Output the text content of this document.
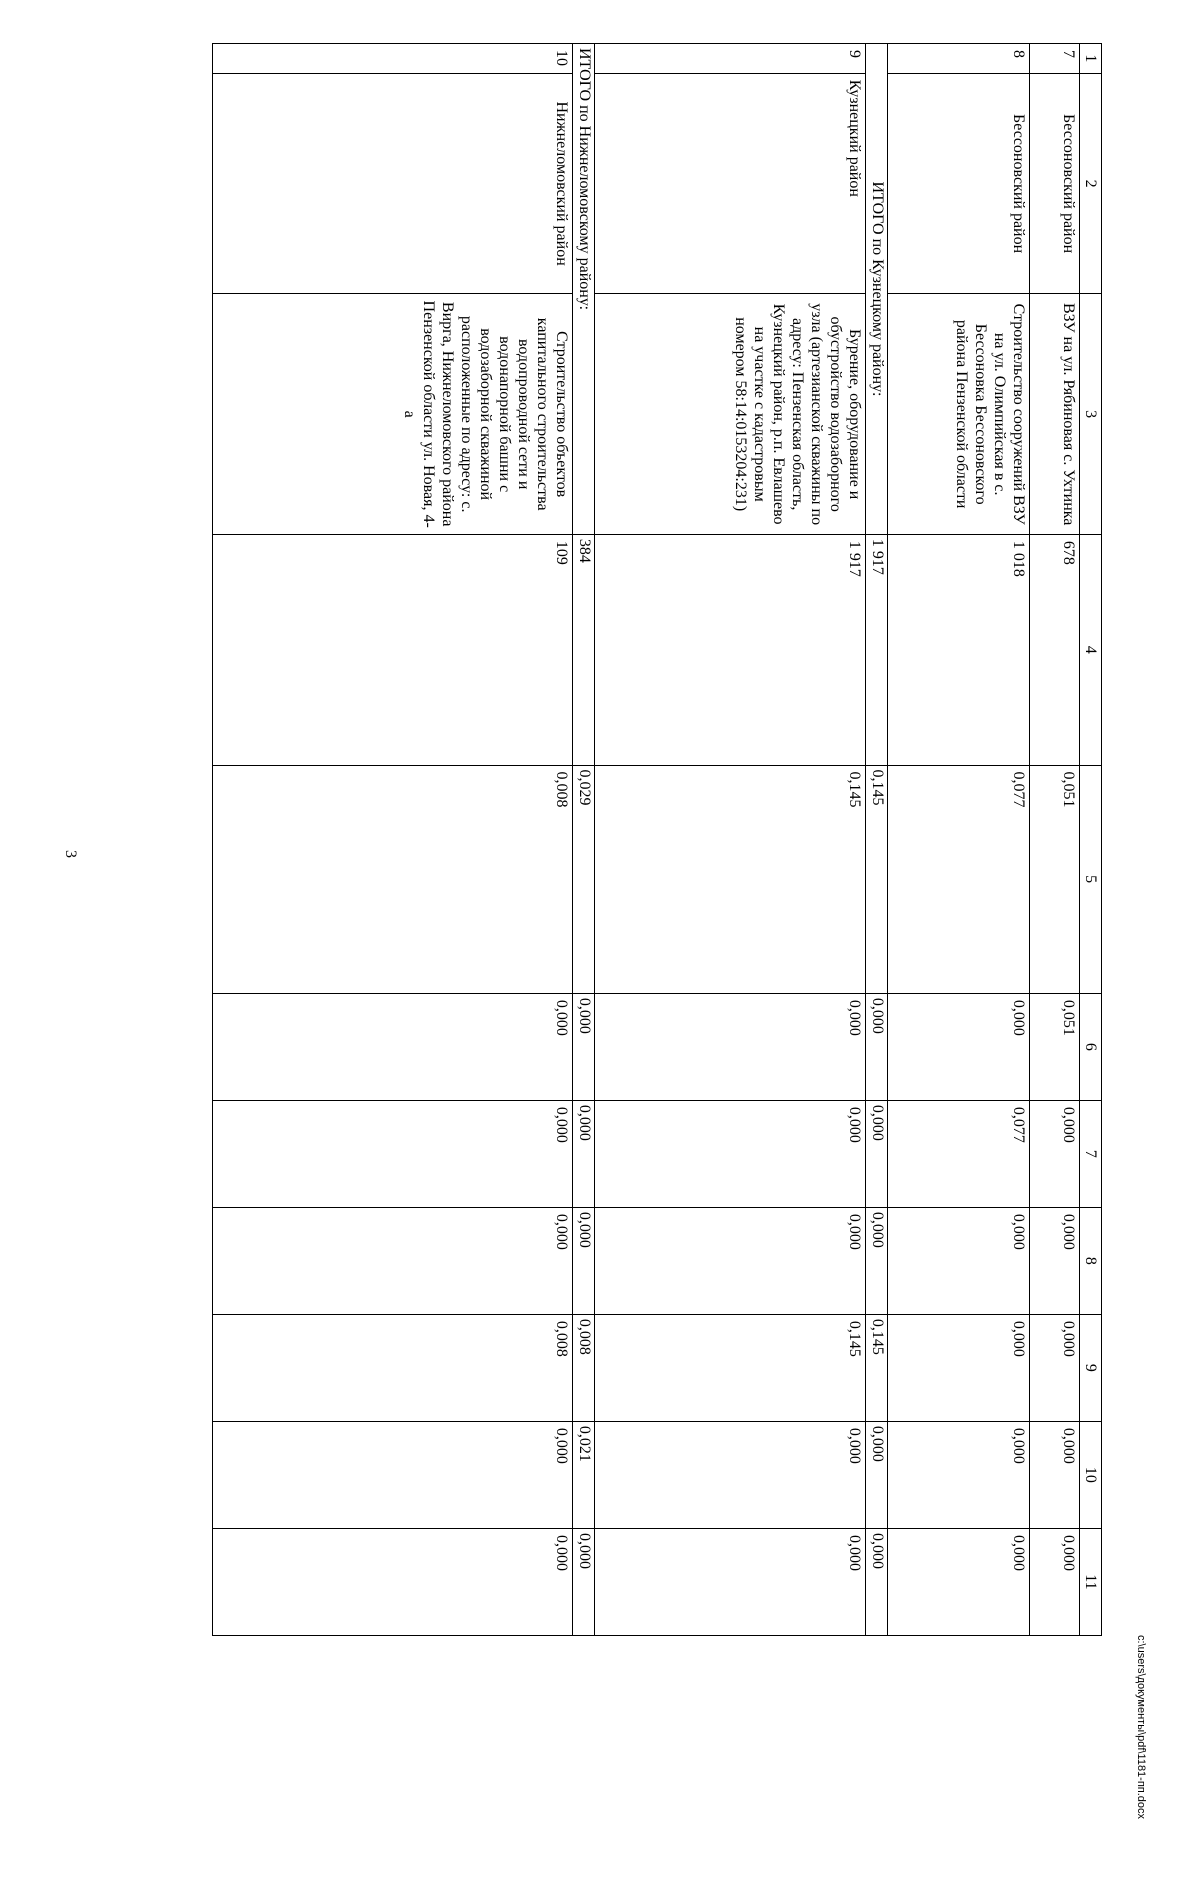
3
1	2	3	4	5	6	7	8	9	10	11
7	Бессоновский район	ВЗУ на ул. Рябиновая с. Ухтинка	678	0,051	0,051	0,000	0,000	0,000	0,000	0,000
8	Бессоновский район	Строительство сооружений ВЗУ на ул. Олимпийская в с. Бессоновка Бессоновского района Пензенской области	1 018	0,077	0,000	0,077	0,000	0,000	0,000	0,000
ИТОГО по Кузнецкому району:			1 917	0,145	0,000	0,000	0,000	0,145	0,000	0,000
9	Кузнецкий район	Бурение, оборудование и обустройство водозаборного узла (артезианской скважины по адресу: Пензенская область, Кузнецкий район, р.п. Евлашево на участке с кадастровым номером 58:14:0153204:231)	1 917	0,145	0,000	0,000	0,000	0,145	0,000	0,000
ИТОГО по Нижнеломовскому району:			384	0,029	0,000	0,000	0,000	0,008	0,021	0,000
10	Нижнеломовский район	Строительство объектов капитального строительства водопроводной сети и водонапорной башни с водозаборной скважиной расположенные по адресу: с. Вирга, Нижнеломовского района Пензенской области ул. Новая, 4-а	109	0,008	0,000	0,000	0,000	0,008	0,000	0,000
c:\users\документы\pdf\1181-пп.docx
